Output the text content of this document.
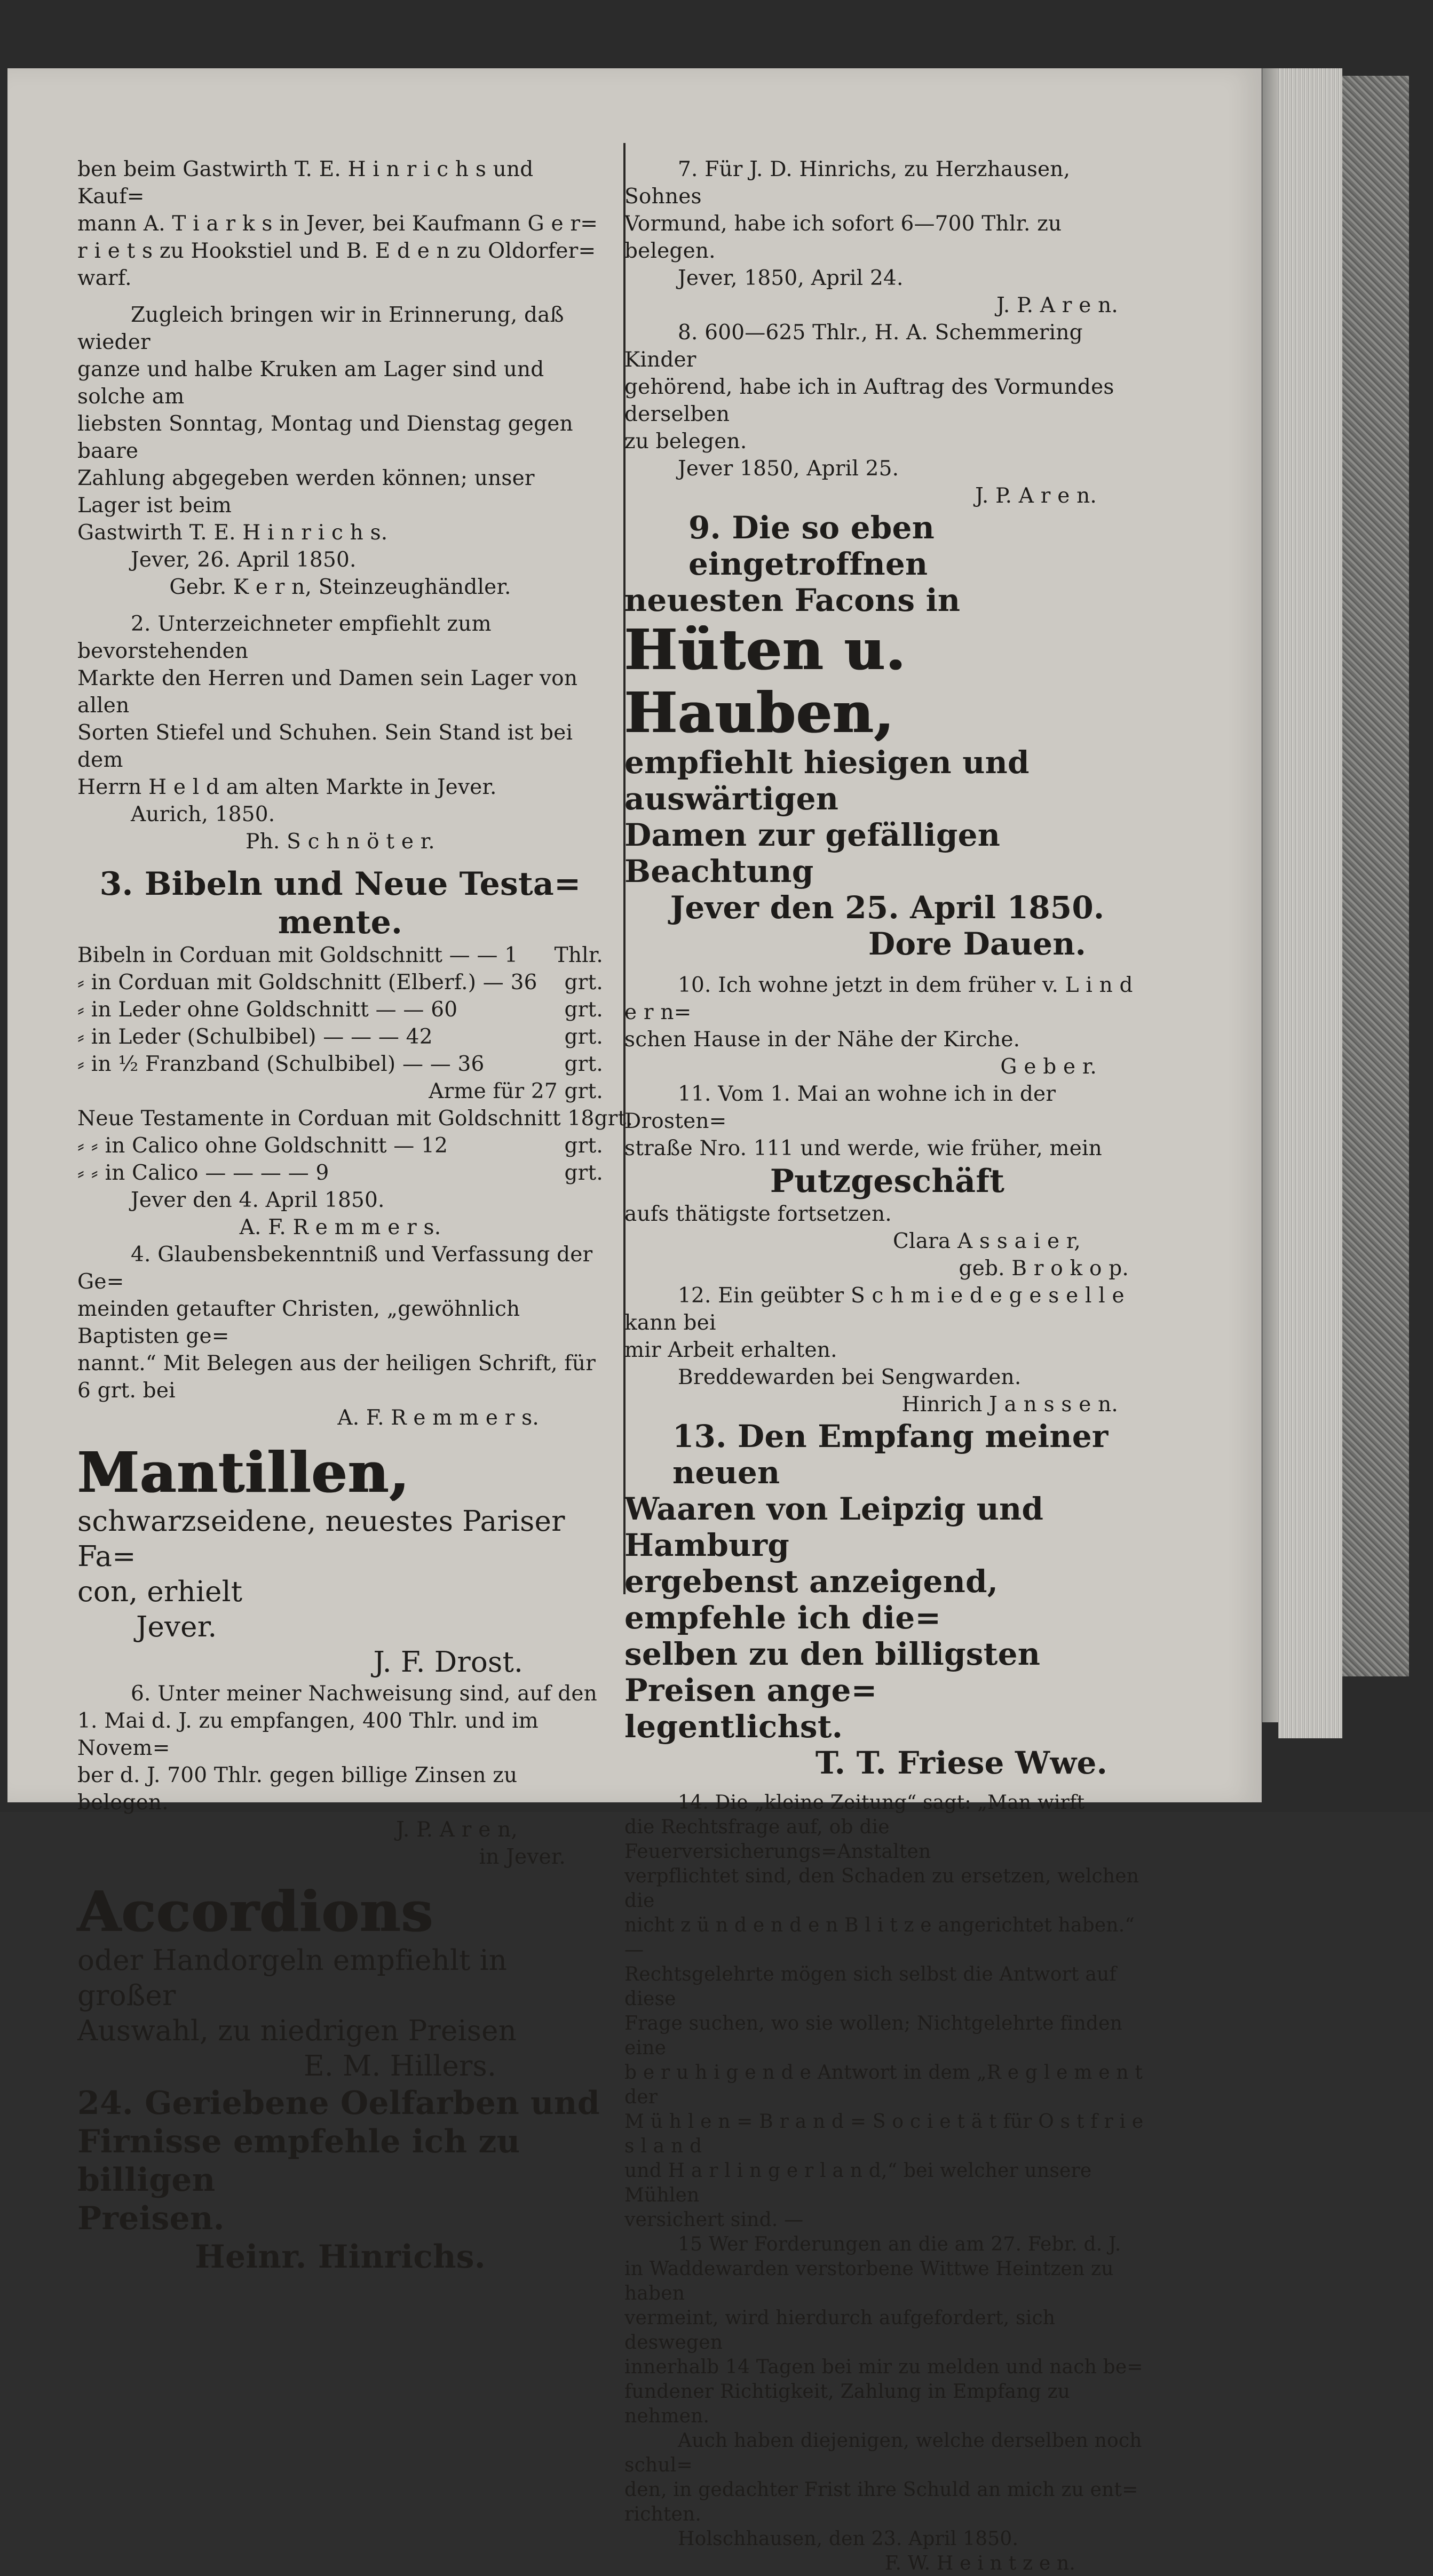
ben beim Gastwirth T. E. H i n r i c h s und Kauf=

mann A. T i a r k s in Jever, bei Kaufmann G e r=

r i e t s zu Hookstiel und B. E d e n zu Oldorfer=

warf.

Zugleich bringen wir in Erinnerung, daß wieder

ganze und halbe Kruken am Lager sind und solche am

liebsten Sonntag, Montag und Dienstag gegen baare

Zahlung abgegeben werden können; unser Lager ist beim

Gastwirth T. E. H i n r i c h s.

Jever, 26. April 1850.

Gebr. K e r n, Steinzeughändler.

2. Unterzeichneter empfiehlt zum bevorstehenden

Markte den Herren und Damen sein Lager von allen

Sorten Stiefel und Schuhen. Sein Stand ist bei dem

Herrn H e l d am alten Markte in Jever.

Aurich, 1850.

Ph. S c h n ö t e r.

3. Bibeln und Neue Testa=

mente.

Bibeln in Corduan mit Goldschnitt — — 1	Thlr.
⸗ in Corduan mit Goldschnitt (Elberf.) — 36	grt.
⸗ in Leder ohne Goldschnitt — — 60	grt.
⸗ in Leder (Schulbibel) — — — 42	grt.
⸗ in ½ Franzband (Schulbibel) — — 36	grt.

Arme für 27 grt.

Neue Testamente in Corduan mit Goldschnitt 18 grt.
⸗ ⸗ in Calico ohne Goldschnitt — 12	grt.
⸗ ⸗ in Calico — — — — 9	grt.

Jever den 4. April 1850.

A. F. R e m m e r s.

4. Glaubensbekenntniß und Verfassung der Ge=

meinden getaufter Christen, „gewöhnlich Baptisten ge=

nannt.“ Mit Belegen aus der heiligen Schrift, für

6 grt. bei

A. F. R e m m e r s.

Mantillen,

schwarzseidene, neuestes Pariser Fa=

con, erhielt

Jever.

J. F. Drost.

6. Unter meiner Nachweisung sind, auf den

1. Mai d. J. zu empfangen, 400 Thlr. und im Novem=

ber d. J. 700 Thlr. gegen billige Zinsen zu belegen.

J. P. A r e n,

in Jever.

Accordions

oder Handorgeln empfiehlt in großer

Auswahl, zu niedrigen Preisen

E. M. Hillers.

24. Geriebene Oelfarben und

Firnisse empfehle ich zu billigen

Preisen.

Heinr. Hinrichs.

7. Für J. D. Hinrichs, zu Herzhausen, Sohnes

Vormund, habe ich sofort 6—700 Thlr. zu belegen.

Jever, 1850, April 24.

J. P. A r e n.

8. 600—625 Thlr., H. A. Schemmering Kinder

gehörend, habe ich in Auftrag des Vormundes derselben

zu belegen.

Jever 1850, April 25.

J. P. A r e n.

9. Die so eben eingetroffnen

neuesten Facons in

Hüten u. Hauben,

empfiehlt hiesigen und auswärtigen

Damen zur gefälligen Beachtung

Jever den 25. April 1850.

Dore Dauen.

10. Ich wohne jetzt in dem früher v. L i n d e r n=

schen Hause in der Nähe der Kirche.

G e b e r.

11. Vom 1. Mai an wohne ich in der Drosten=

straße Nro. 111 und werde, wie früher, mein

Putzgeschäft

aufs thätigste fortsetzen.

Clara A s s a i e r,

geb. B r o k o p.

12. Ein geübter S c h m i e d e g e s e l l e kann bei

mir Arbeit erhalten.

Breddewarden bei Sengwarden.

Hinrich J a n s s e n.

13. Den Empfang meiner neuen

Waaren von Leipzig und Hamburg

ergebenst anzeigend, empfehle ich die=

selben zu den billigsten Preisen ange=

legentlichst.

T. T. Friese Wwe.

14. Die „kleine Zeitung“ sagt: „Man wirft

die Rechtsfrage auf, ob die Feuerversicherungs=Anstalten

verpflichtet sind, den Schaden zu ersetzen, welchen die

nicht z ü n d e n d e n B l i t z e angerichtet haben.“ —

Rechtsgelehrte mögen sich selbst die Antwort auf diese

Frage suchen, wo sie wollen; Nichtgelehrte finden eine

b e r u h i g e n d e Antwort in dem „R e g l e m e n t der

M ü h l e n = B r a n d = S o c i e t ä t für O s t f r i e s l a n d

und H a r l i n g e r l a n d,“ bei welcher unsere Mühlen

versichert sind. —

15 Wer Forderungen an die am 27. Febr. d. J.

in Waddewarden verstorbene Wittwe Heintzen zu haben

vermeint, wird hierdurch aufgefordert, sich deswegen

innerhalb 14 Tagen bei mir zu melden und nach be=

fundener Richtigkeit, Zahlung in Empfang zu nehmen.

Auch haben diejenigen, welche derselben noch schul=

den, in gedachter Frist ihre Schuld an mich zu ent=

richten.

Holschhausen, den 23. April 1850.

F. W. H e i n t z e n.
